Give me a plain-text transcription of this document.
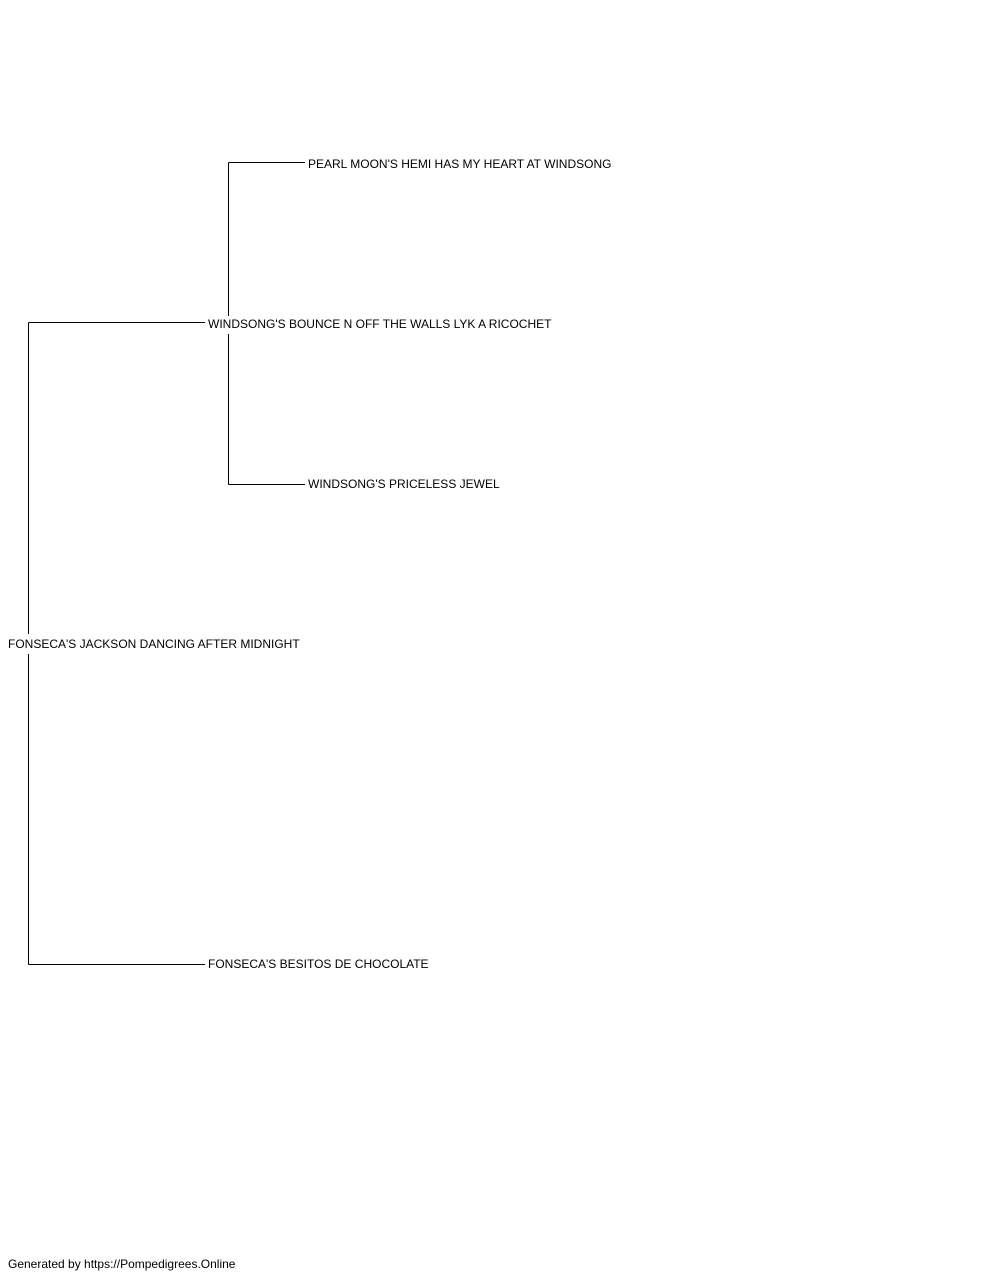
PEARL MOON'S HEMI HAS MY HEART AT WINDSONG
WINDSONG'S BOUNCE N OFF THE WALLS LYK A RICOCHET
WINDSONG'S PRICELESS JEWEL
FONSECA'S JACKSON DANCING AFTER MIDNIGHT
FONSECA'S BESITOS DE CHOCOLATE
Generated by https://Pompedigrees.Online
